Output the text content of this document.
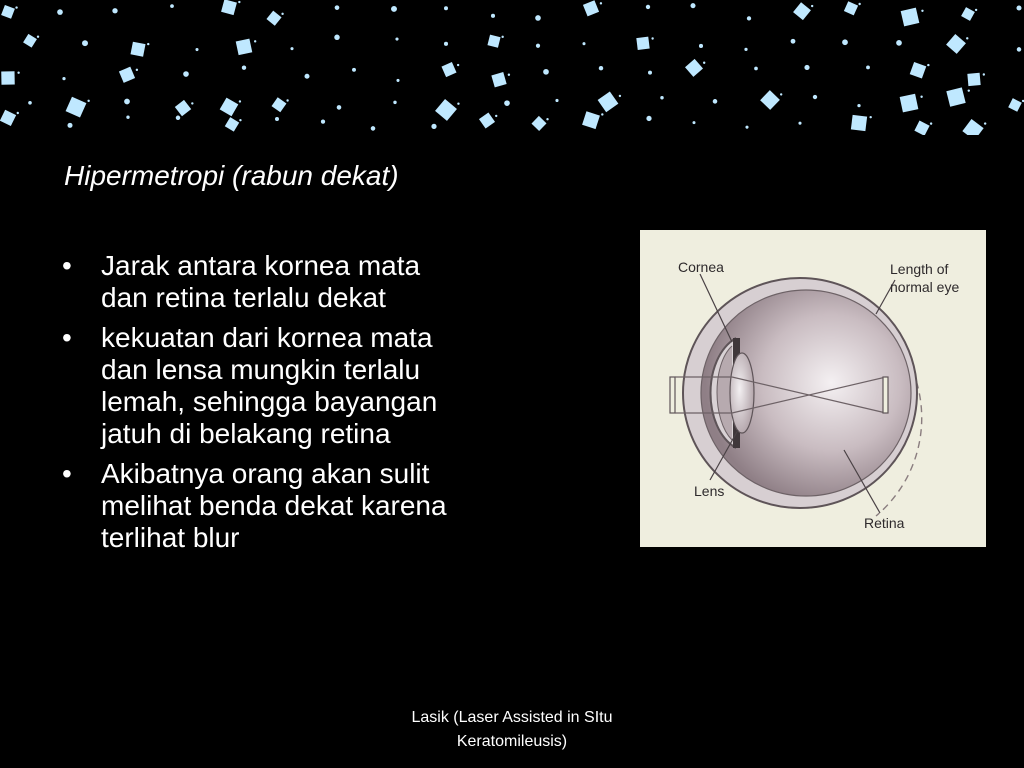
Hipermetropi (rabun dekat)
• Jarak antara kornea mata
dan retina terlalu dekat
• kekuatan dari kornea mata
dan lensa mungkin terlalu
lemah, sehingga bayangan
jatuh di belakang retina
• Akibatnya orang akan sulit
melihat benda dekat karena
terlihat blur
Cornea	Length of
normal eye
Lens
Retina
Lasik (Laser Assisted in SItu
Keratomileusis)
